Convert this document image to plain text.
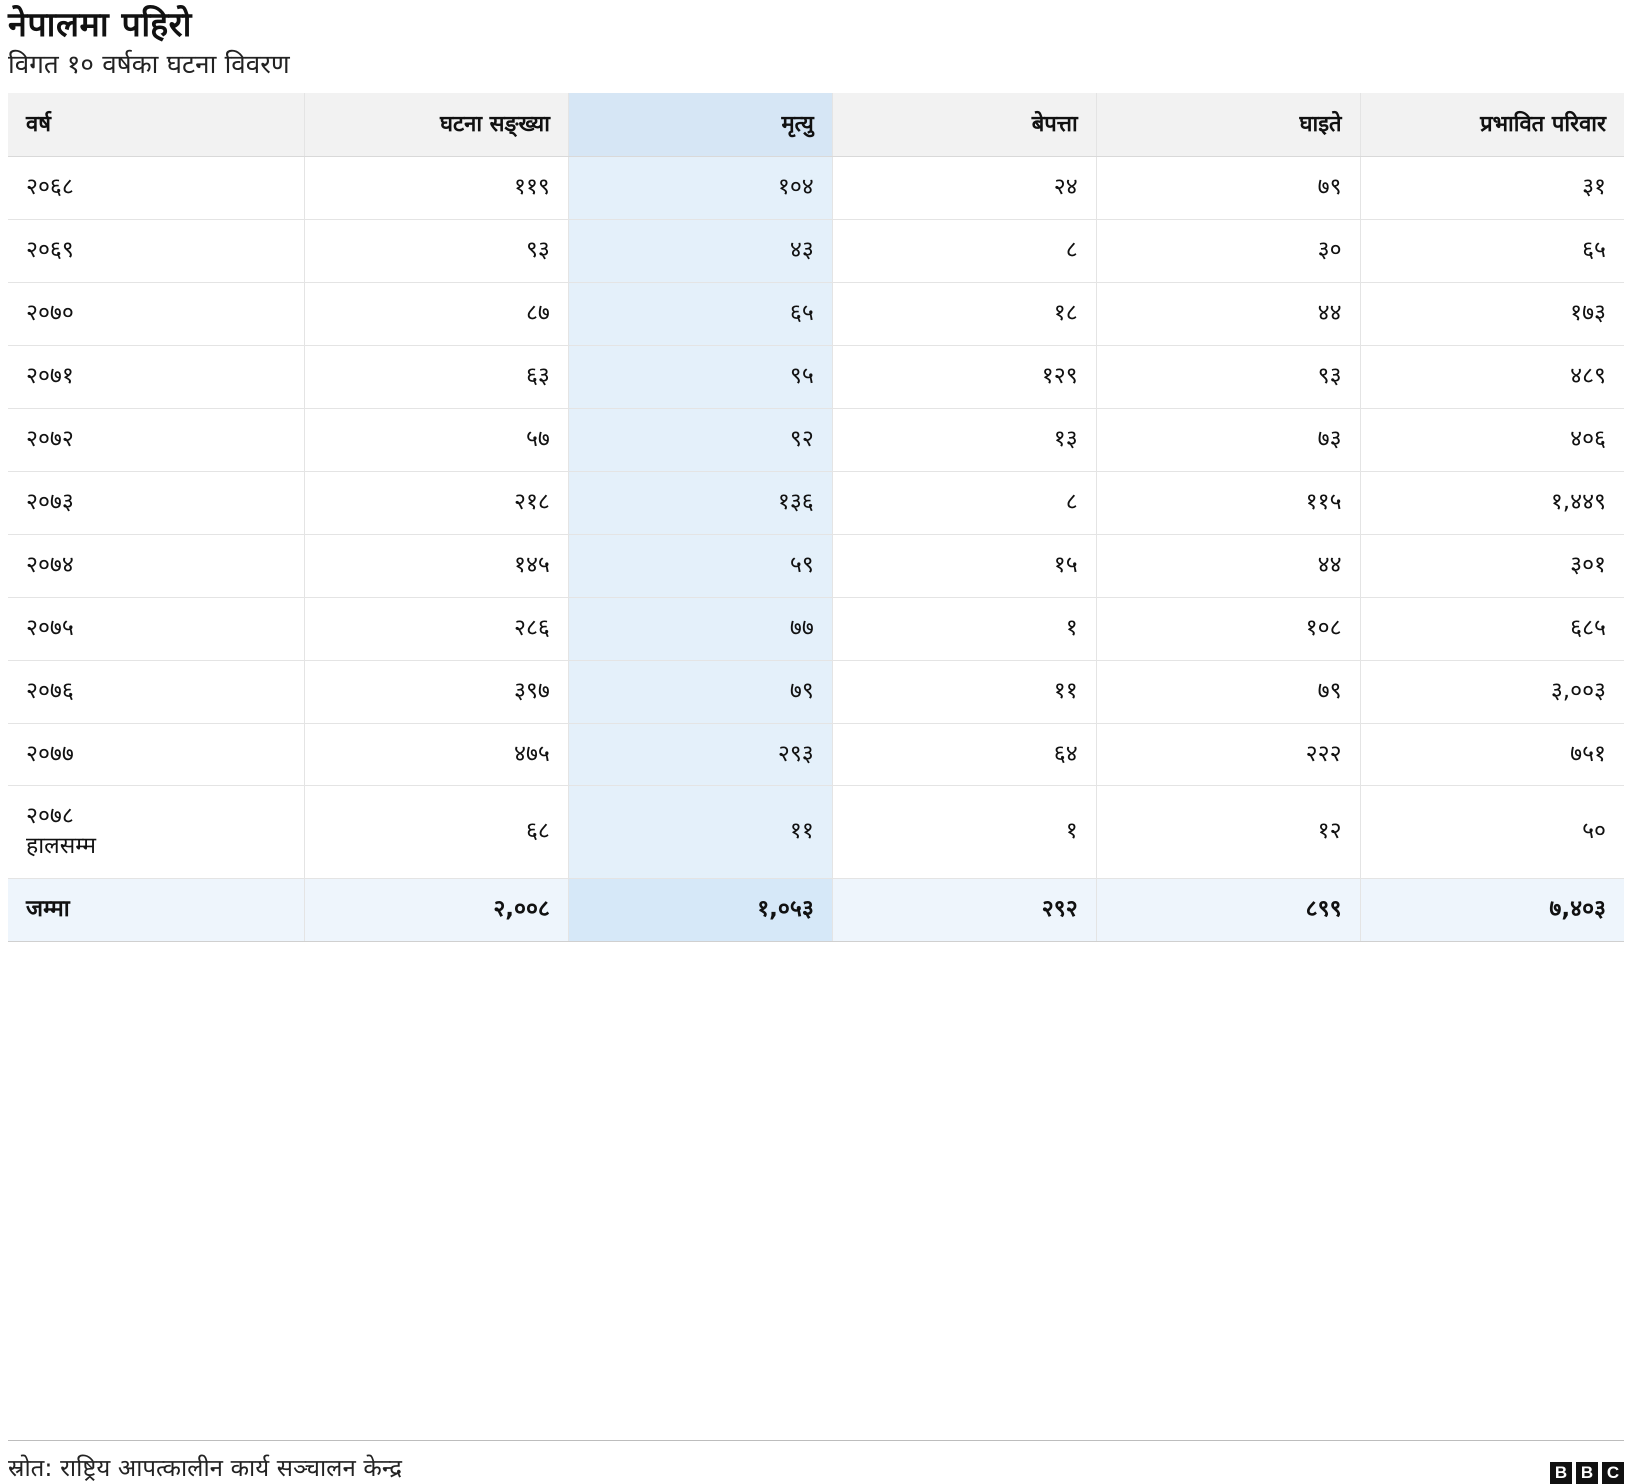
नेपालमा पहिरो
विगत १० वर्षका घटना विवरण
वर्ष	घटना सङ्ख्या	मृत्यु	बेपत्ता	घाइते	प्रभावित परिवार
२०६८	११९	१०४	२४	७९	३१
२०६९	९३	४३	८	३०	६५
२०७०	८७	६५	१८	४४	१७३
२०७१	६३	९५	१२९	९३	४८९
२०७२	५७	९२	१३	७३	४०६
२०७३	२१८	१३६	८	११५	१,४४९
२०७४	१४५	५९	१५	४४	३०१
२०७५	२८६	७७	१	१०८	६८५
२०७६	३९७	७९	११	७९	३,००३
२०७७	४७५	२९३	६४	२२२	७५१

२०७८
हालसम्म	६८	११	१	१२	५०
जम्मा	२,००८	१,०५३	२९२	८९९	७,४०३
स्रोत: राष्ट्रिय आपत्कालीन कार्य सञ्चालन केन्द्र	B B C
